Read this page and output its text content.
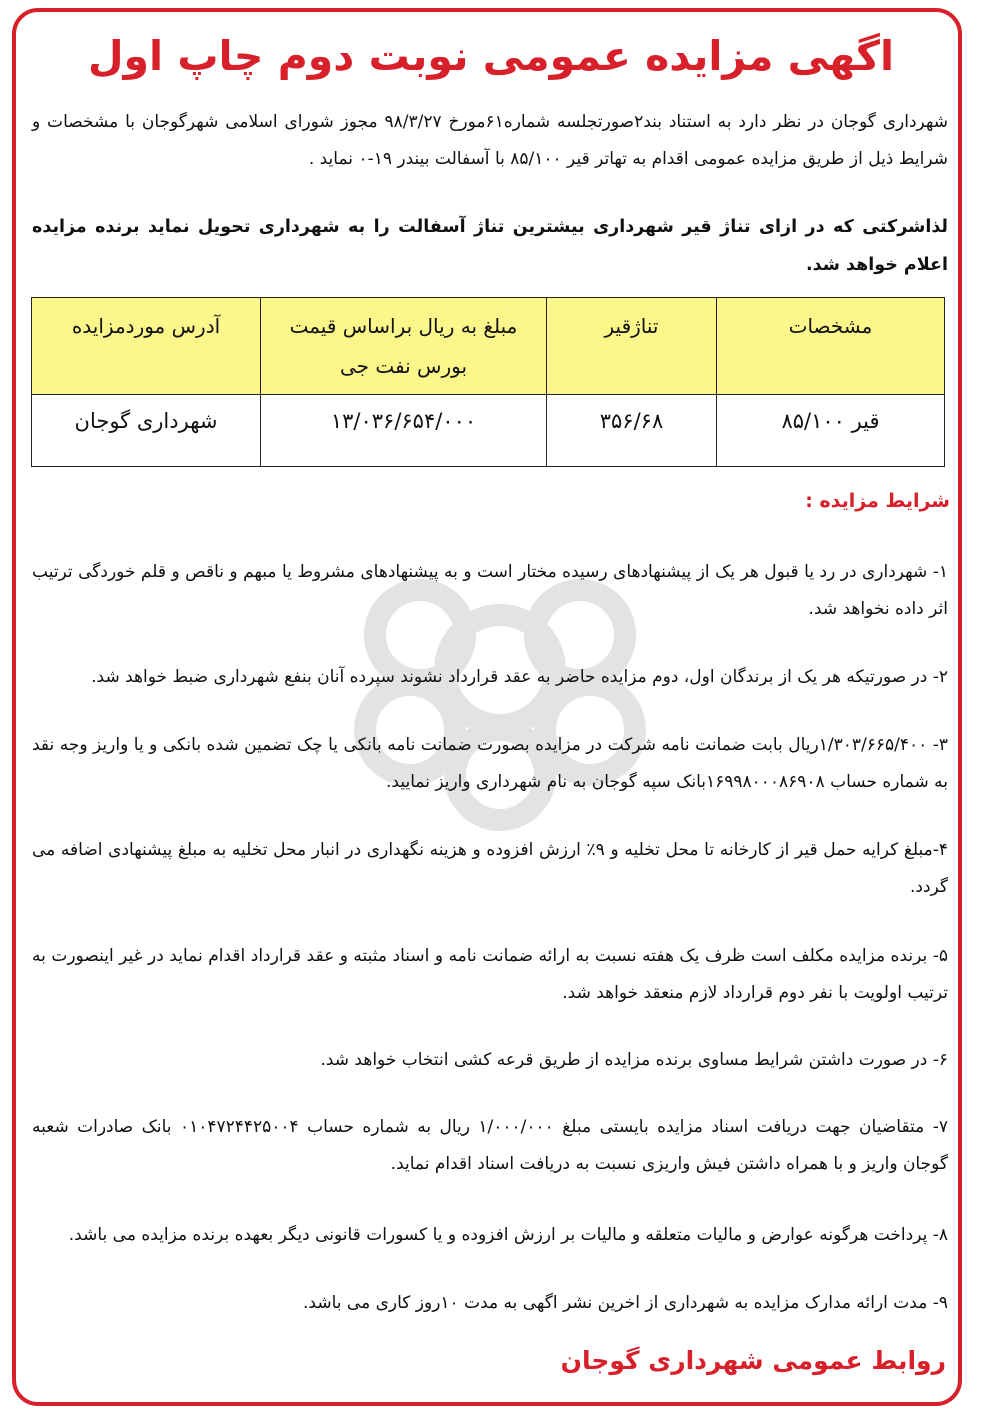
اگهی مزایده عمومی نوبت دوم چاپ اول
شهرداری گوجان در نظر دارد به استناد بند۲صورتجلسه شماره۶۱مورخ ۹۸/۳/۲۷ مجوز شورای اسلامی شهرگوجان با مشخصات و شرایط ذیل از طریق مزایده عمومی اقدام به تهاتر قیر ۸۵/۱۰۰ با آسفالت بیندر ۱۹-۰ نماید .
لذاشرکتی که در ازای تناژ قیر شهرداری بیشترین تناژ آسفالت را به شهرداری تحویل نماید برنده مزایده اعلام خواهد شد.
مشخصات	تناژقیر	مبلغ به ریال براساس قیمت بورس نفت جی	آدرس موردمزایده
قیر ۸۵/۱۰۰	۳۵۶/۶۸	۱۳/۰۳۶/۶۵۴/۰۰۰	شهرداری گوجان
شرایط مزایده :
۱- شهرداری در رد یا قبول هر یک از پیشنهادهای رسیده مختار است و به پیشنهادهای مشروط یا مبهم و ناقص و قلم خوردگی ترتیب اثر داده نخواهد شد.
۲- در صورتیکه هر یک از برندگان اول، دوم مزایده حاضر به عقد قرارداد نشوند سپرده آنان بنفع شهرداری ضبط خواهد شد.
۳- ۱/۳۰۳/۶۶۵/۴۰۰ریال بابت ضمانت نامه شرکت در مزایده بصورت ضمانت نامه بانکی یا چک تضمین شده بانکی و یا واریز وجه نقد به شماره حساب ۱۶۹۹۸۰۰۰۸۶۹۰۸بانک سپه گوجان به نام شهرداری واریز نمایید.
۴-مبلغ کرایه حمل قیر از کارخانه تا محل تخلیه و ۹٪ ارزش افزوده و هزینه نگهداری در انبار محل تخلیه به مبلغ پیشنهادی اضافه می گردد.
۵- برنده مزایده مکلف است ظرف یک هفته نسبت به ارائه ضمانت نامه و اسناد مثبته و عقد قرارداد اقدام نماید در غیر اینصورت به ترتیب اولویت با نفر دوم قرارداد لازم منعقد خواهد شد.
۶- در صورت داشتن شرایط مساوی برنده مزایده از طریق قرعه کشی انتخاب خواهد شد.
۷- متقاضیان جهت دریافت اسناد مزایده بایستی مبلغ ۱/۰۰۰/۰۰۰ ریال به شماره حساب ۰۱۰۴۷۲۴۴۲۵۰۰۴ بانک صادرات شعبه گوجان واریز و با همراه داشتن فیش واریزی نسبت به دریافت اسناد اقدام نماید.
۸- پرداخت هرگونه عوارض و مالیات متعلقه و مالیات بر ارزش افزوده و یا کسورات قانونی دیگر بعهده برنده مزایده می باشد.
۹- مدت ارائه مدارک مزایده به شهرداری از اخرین نشر اگهی به مدت ۱۰روز کاری می باشد.
روابط عمومی شهرداری گوجان
